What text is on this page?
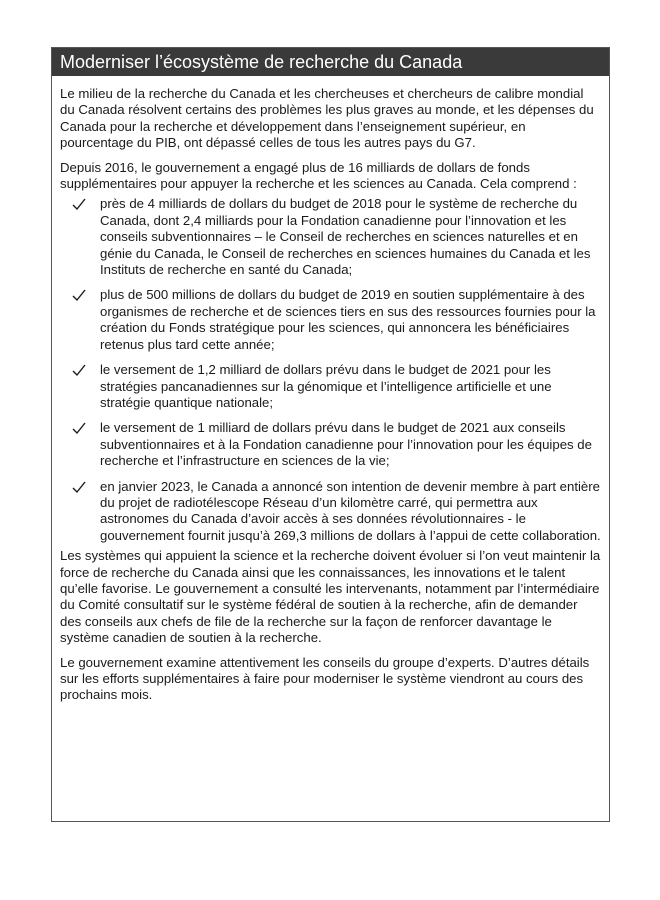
Moderniser l’écosystème de recherche du Canada

Le milieu de la recherche du Canada et les chercheuses et chercheurs de calibre mondial du Canada résolvent certains des problèmes les plus graves au monde, et les dépenses du Canada pour la recherche et développement dans l’enseignement supérieur, en pourcentage du PIB, ont dépassé celles de tous les autres pays du G7.

Depuis 2016, le gouvernement a engagé plus de 16 milliards de dollars de fonds supplémentaires pour appuyer la recherche et les sciences au Canada. Cela comprend :

près de 4 milliards de dollars du budget de 2018 pour le système de recherche du Canada, dont 2,4 milliards pour la Fondation canadienne pour l’innovation et les conseils subventionnaires – le Conseil de recherches en sciences naturelles et en génie du Canada, le Conseil de recherches en sciences humaines du Canada et les Instituts de recherche en santé du Canada;
plus de 500 millions de dollars du budget de 2019 en soutien supplémentaire à des organismes de recherche et de sciences tiers en sus des ressources fournies pour la création du Fonds stratégique pour les sciences, qui annoncera les bénéficiaires retenus plus tard cette année;
le versement de 1,2 milliard de dollars prévu dans le budget de 2021 pour les stratégies pancanadiennes sur la génomique et l’intelligence artificielle et une stratégie quantique nationale;
le versement de 1 milliard de dollars prévu dans le budget de 2021 aux conseils subventionnaires et à la Fondation canadienne pour l’innovation pour les équipes de recherche et l’infrastructure en sciences de la vie;
en janvier 2023, le Canada a annoncé son intention de devenir membre à part entière du projet de radiotélescope Réseau d’un kilomètre carré, qui permettra aux astronomes du Canada d’avoir accès à ses données révolutionnaires - le gouvernement fournit jusqu’à 269,3 millions de dollars à l’appui de cette collaboration.

Les systèmes qui appuient la science et la recherche doivent évoluer si l’on veut maintenir la force de recherche du Canada ainsi que les connaissances, les innovations et le talent qu’elle favorise. Le gouvernement a consulté les intervenants, notamment par l’intermédiaire du Comité consultatif sur le système fédéral de soutien à la recherche, afin de demander des conseils aux chefs de file de la recherche sur la façon de renforcer davantage le système canadien de soutien à la recherche.

Le gouvernement examine attentivement les conseils du groupe d’experts. D’autres détails sur les efforts supplémentaires à faire pour moderniser le système viendront au cours des prochains mois.
